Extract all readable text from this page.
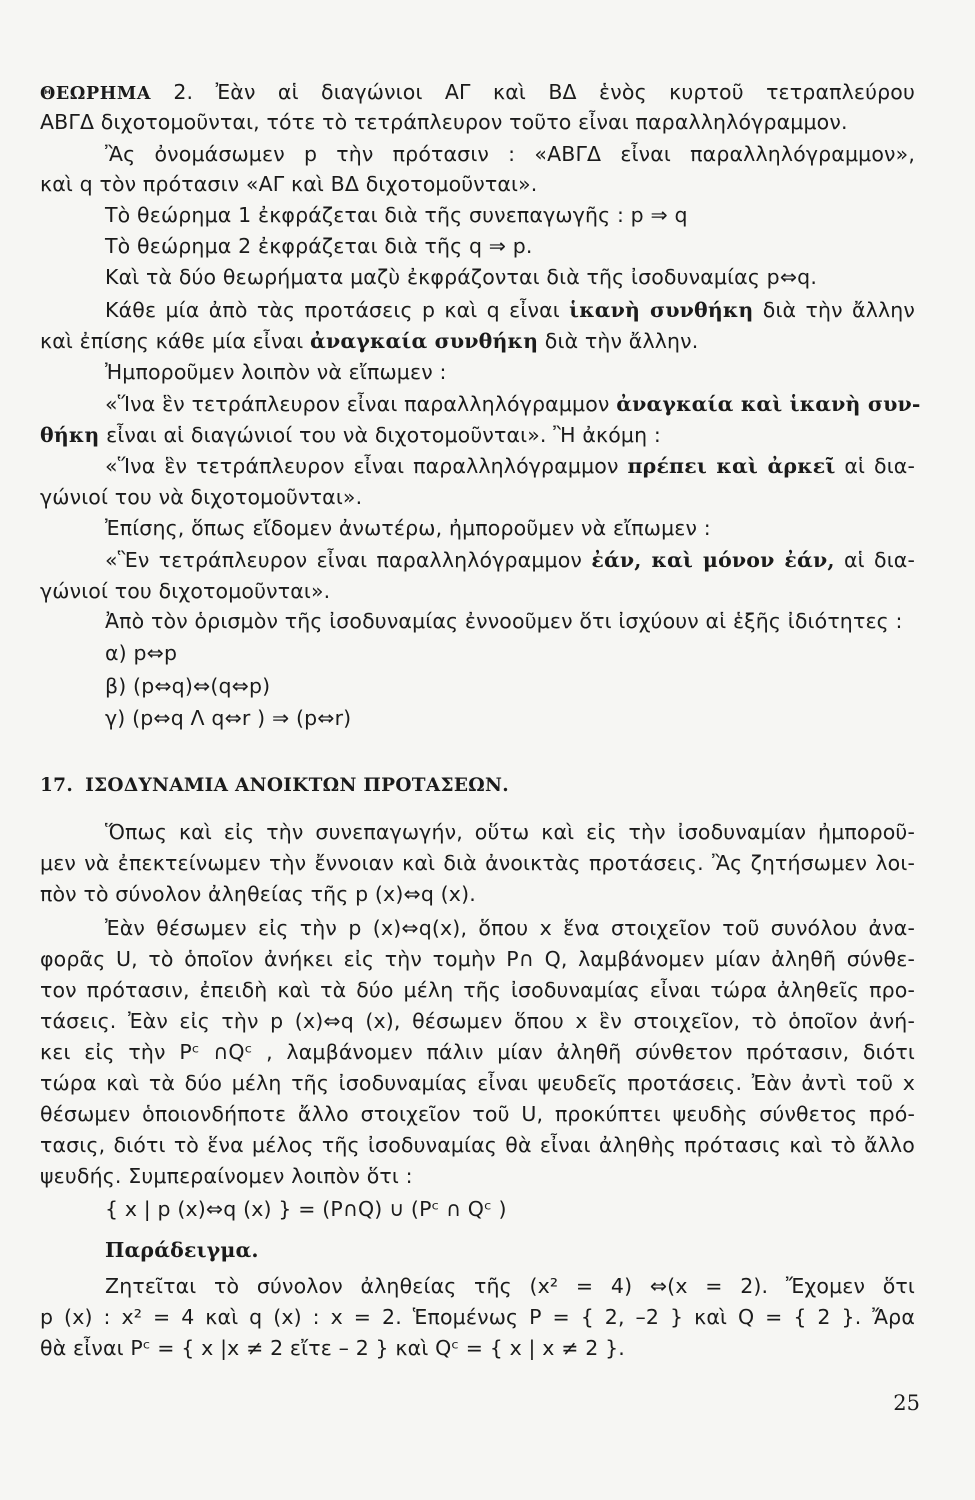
ΘΕΩΡΗΜΑ 2. Ἐὰν αἱ διαγώνιοι ΑΓ καὶ ΒΔ ἑνὸς κυρτοῦ τετραπλεύρου
ΑΒΓΔ διχοτομοῦνται, τότε τὸ τετράπλευρον τοῦτο εἶναι παραλληλόγραμμον.
Ἂς ὀνομάσωμεν p τὴν πρότασιν : «ΑΒΓΔ εἶναι παραλληλόγραμμον»,
καὶ q τὸν πρότασιν «ΑΓ καὶ ΒΔ διχοτομοῦνται».
Τὸ θεώρημα 1 ἐκφράζεται διὰ τῆς συνεπαγωγῆς : p ⇒ q
Τὸ θεώρημα 2 ἐκφράζεται διὰ τῆς q ⇒ p.
Καὶ τὰ δύο θεωρήματα μαζὺ ἐκφράζονται διὰ τῆς ἰσοδυναμίας p⇔q.
Κάθε μία ἀπὸ τὰς προτάσεις p καὶ q εἶναι ἱκανὴ συνθήκη διὰ τὴν ἄλλην
καὶ ἐπίσης κάθε μία εἶναι ἀναγκαία συνθήκη διὰ τὴν ἄλλην.
Ἠμποροῦμεν λοιπὸν νὰ εἴπωμεν :
«Ἵνα ἓν τετράπλευρον εἶναι παραλληλόγραμμον ἀναγκαία καὶ ἱκανὴ συν-
θήκη εἶναι αἱ διαγώνιοί του νὰ διχοτομοῦνται». Ἢ ἀκόμη :
«Ἵνα ἓν τετράπλευρον εἶναι παραλληλόγραμμον πρέπει καὶ ἀρκεῖ αἱ δια-
γώνιοί του νὰ διχοτομοῦνται».
Ἐπίσης, ὅπως εἴδομεν ἀνωτέρω, ἠμποροῦμεν νὰ εἴπωμεν :
«Ἓν τετράπλευρον εἶναι παραλληλόγραμμον ἐάν, καὶ μόνον ἐάν, αἱ δια-
γώνιοί του διχοτομοῦνται».
Ἀπὸ τὸν ὁρισμὸν τῆς ἰσοδυναμίας ἐννοοῦμεν ὅτι ἰσχύουν αἱ ἑξῆς ἰδιότητες :
α) p⇔p
β) (p⇔q)⇔(q⇔p)
γ) (p⇔q Λ q⇔r ) ⇒ (p⇔r)
17. ΙΣΟΔΥΝΑΜΙΑ ΑΝΟΙΚΤΩΝ ΠΡΟΤΑΣΕΩΝ.
Ὅπως καὶ εἰς τὴν συνεπαγωγήν, οὕτω καὶ εἰς τὴν ἰσοδυναμίαν ἠμποροῦ-
μεν νὰ ἐπεκτείνωμεν τὴν ἔννοιαν καὶ διὰ ἀνοικτὰς προτάσεις. Ἂς ζητήσωμεν λοι-
πὸν τὸ σύνολον ἀληθείας τῆς p (x)⇔q (x).
Ἐὰν θέσωμεν εἰς τὴν p (x)⇔q(x), ὅπου x ἕνα στοιχεῖον τοῦ συνόλου ἀνα-
φορᾶς U, τὸ ὁποῖον ἀνήκει εἰς τὴν τομὴν P∩ Q, λαμβάνομεν μίαν ἀληθῆ σύνθε-
τον πρότασιν, ἐπειδὴ καὶ τὰ δύο μέλη τῆς ἰσοδυναμίας εἶναι τώρα ἀληθεῖς προ-
τάσεις. Ἐὰν εἰς τὴν p (x)⇔q (x), θέσωμεν ὅπου x ἓν στοιχεῖον, τὸ ὁποῖον ἀνή-
κει εἰς τὴν Pᶜ ∩Qᶜ , λαμβάνομεν πάλιν μίαν ἀληθῆ σύνθετον πρότασιν, διότι
τώρα καὶ τὰ δύο μέλη τῆς ἰσοδυναμίας εἶναι ψευδεῖς προτάσεις. Ἐὰν ἀντὶ τοῦ x
θέσωμεν ὁποιονδήποτε ἄλλο στοιχεῖον τοῦ U, προκύπτει ψευδὴς σύνθετος πρό-
τασις, διότι τὸ ἕνα μέλος τῆς ἰσοδυναμίας θὰ εἶναι ἀληθὴς πρότασις καὶ τὸ ἄλλο
ψευδής. Συμπεραίνομεν λοιπὸν ὅτι :
{ x | p (x)⇔q (x) } = (P∩Q) ∪ (Pᶜ ∩ Qᶜ )
Παράδειγμα.
Ζητεῖται τὸ σύνολον ἀληθείας τῆς (x² = 4) ⇔(x = 2). Ἔχομεν ὅτι
p (x) : x² = 4 καὶ q (x) : x = 2. Ἑπομένως P = { 2, –2 } καὶ Q = { 2 }. Ἄρα
θὰ εἶναι Pᶜ = { x |x ≠ 2 εἴτε – 2 } καὶ Qᶜ = { x | x ≠ 2 }.
25
